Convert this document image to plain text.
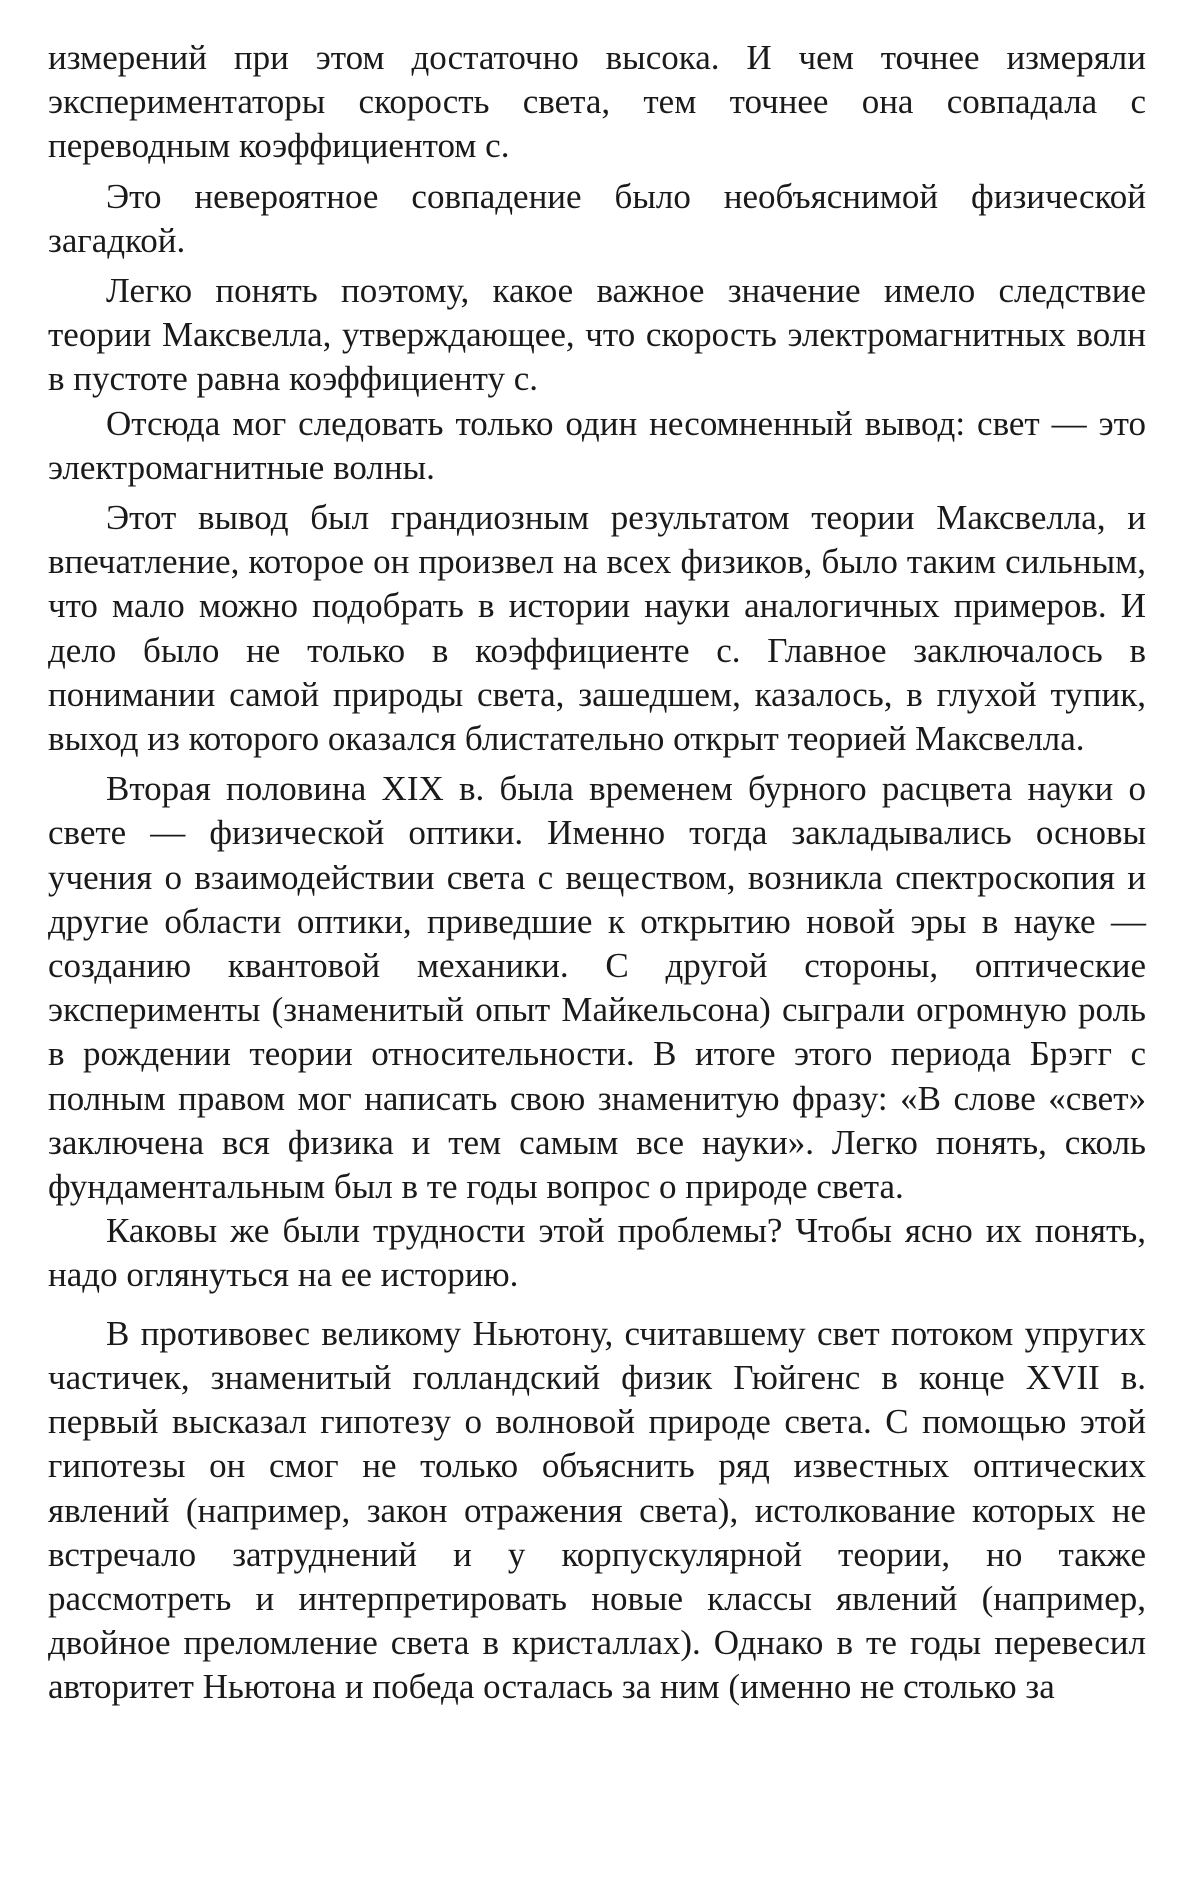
измерений при этом достаточно высока. И чем точнее измеряли экспериментаторы скорость света, тем точнее она совпадала с переводным коэффициентом c.

Это невероятное совпадение было необъяснимой физической загадкой.

Легко понять поэтому, какое важное значение имело следствие теории Максвелла, утверждающее, что скорость электромагнитных волн в пустоте равна коэффициенту c.

Отсюда мог следовать только один несомненный вывод: свет — это электромагнитные волны.

Этот вывод был грандиозным результатом теории Максвелла, и впечатление, которое он произвел на всех физиков, было таким сильным, что мало можно подобрать в истории науки аналогичных примеров. И дело было не только в коэффициенте c. Главное заключалось в понимании самой природы света, зашедшем, казалось, в глухой тупик, выход из которого оказался блистательно открыт теорией Максвелла.

Вторая половина XIX в. была временем бурного расцвета науки о свете — физической оптики. Именно тогда закладывались основы учения о взаимодействии света с веществом, возникла спектроскопия и другие области оптики, приведшие к открытию новой эры в науке — созданию квантовой механики. С другой стороны, оптические эксперименты (знаменитый опыт Майкельсона) сыграли огромную роль в рождении теории относительности. В итоге этого периода Брэгг с полным правом мог написать свою знаменитую фразу: «В слове «свет» заключена вся физика и тем самым все науки». Легко понять, сколь фундаментальным был в те годы вопрос о природе света.

Каковы же были трудности этой проблемы? Чтобы ясно их понять, надо оглянуться на ее историю.

В противовес великому Ньютону, считавшему свет потоком упругих частичек, знаменитый голландский физик Гюйгенс в конце XVII в. первый высказал гипотезу о волновой природе света. С помощью этой гипотезы он смог не только объяснить ряд известных оптических явлений (например, закон отражения света), истолкование которых не встречало затруднений и у корпускулярной теории, но также рассмотреть и интерпретировать новые классы явлений (например, двойное преломление света в кристаллах). Однако в те годы перевесил авторитет Ньютона и победа осталась за ним (именно не столько за
